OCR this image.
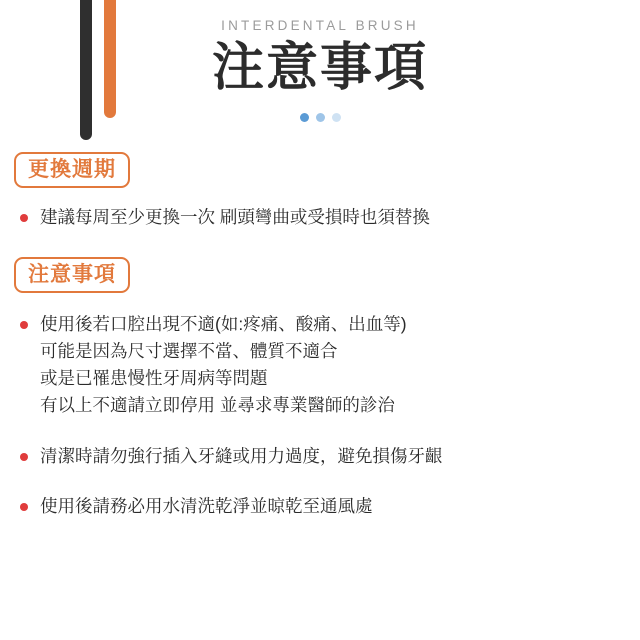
INTERDENTAL BRUSH
注意事項
更換週期
建議每周至少更換一次 刷頭彎曲或受損時也須替換
注意事項
使用後若口腔出現不適(如:疼痛、酸痛、出血等)
可能是因為尺寸選擇不當、體質不適合
或是已罹患慢性牙周病等問題
有以上不適請立即停用 並尋求專業醫師的診治
清潔時請勿強行插入牙縫或用力過度，避免損傷牙齦
使用後請務必用水清洗乾淨並晾乾至通風處
